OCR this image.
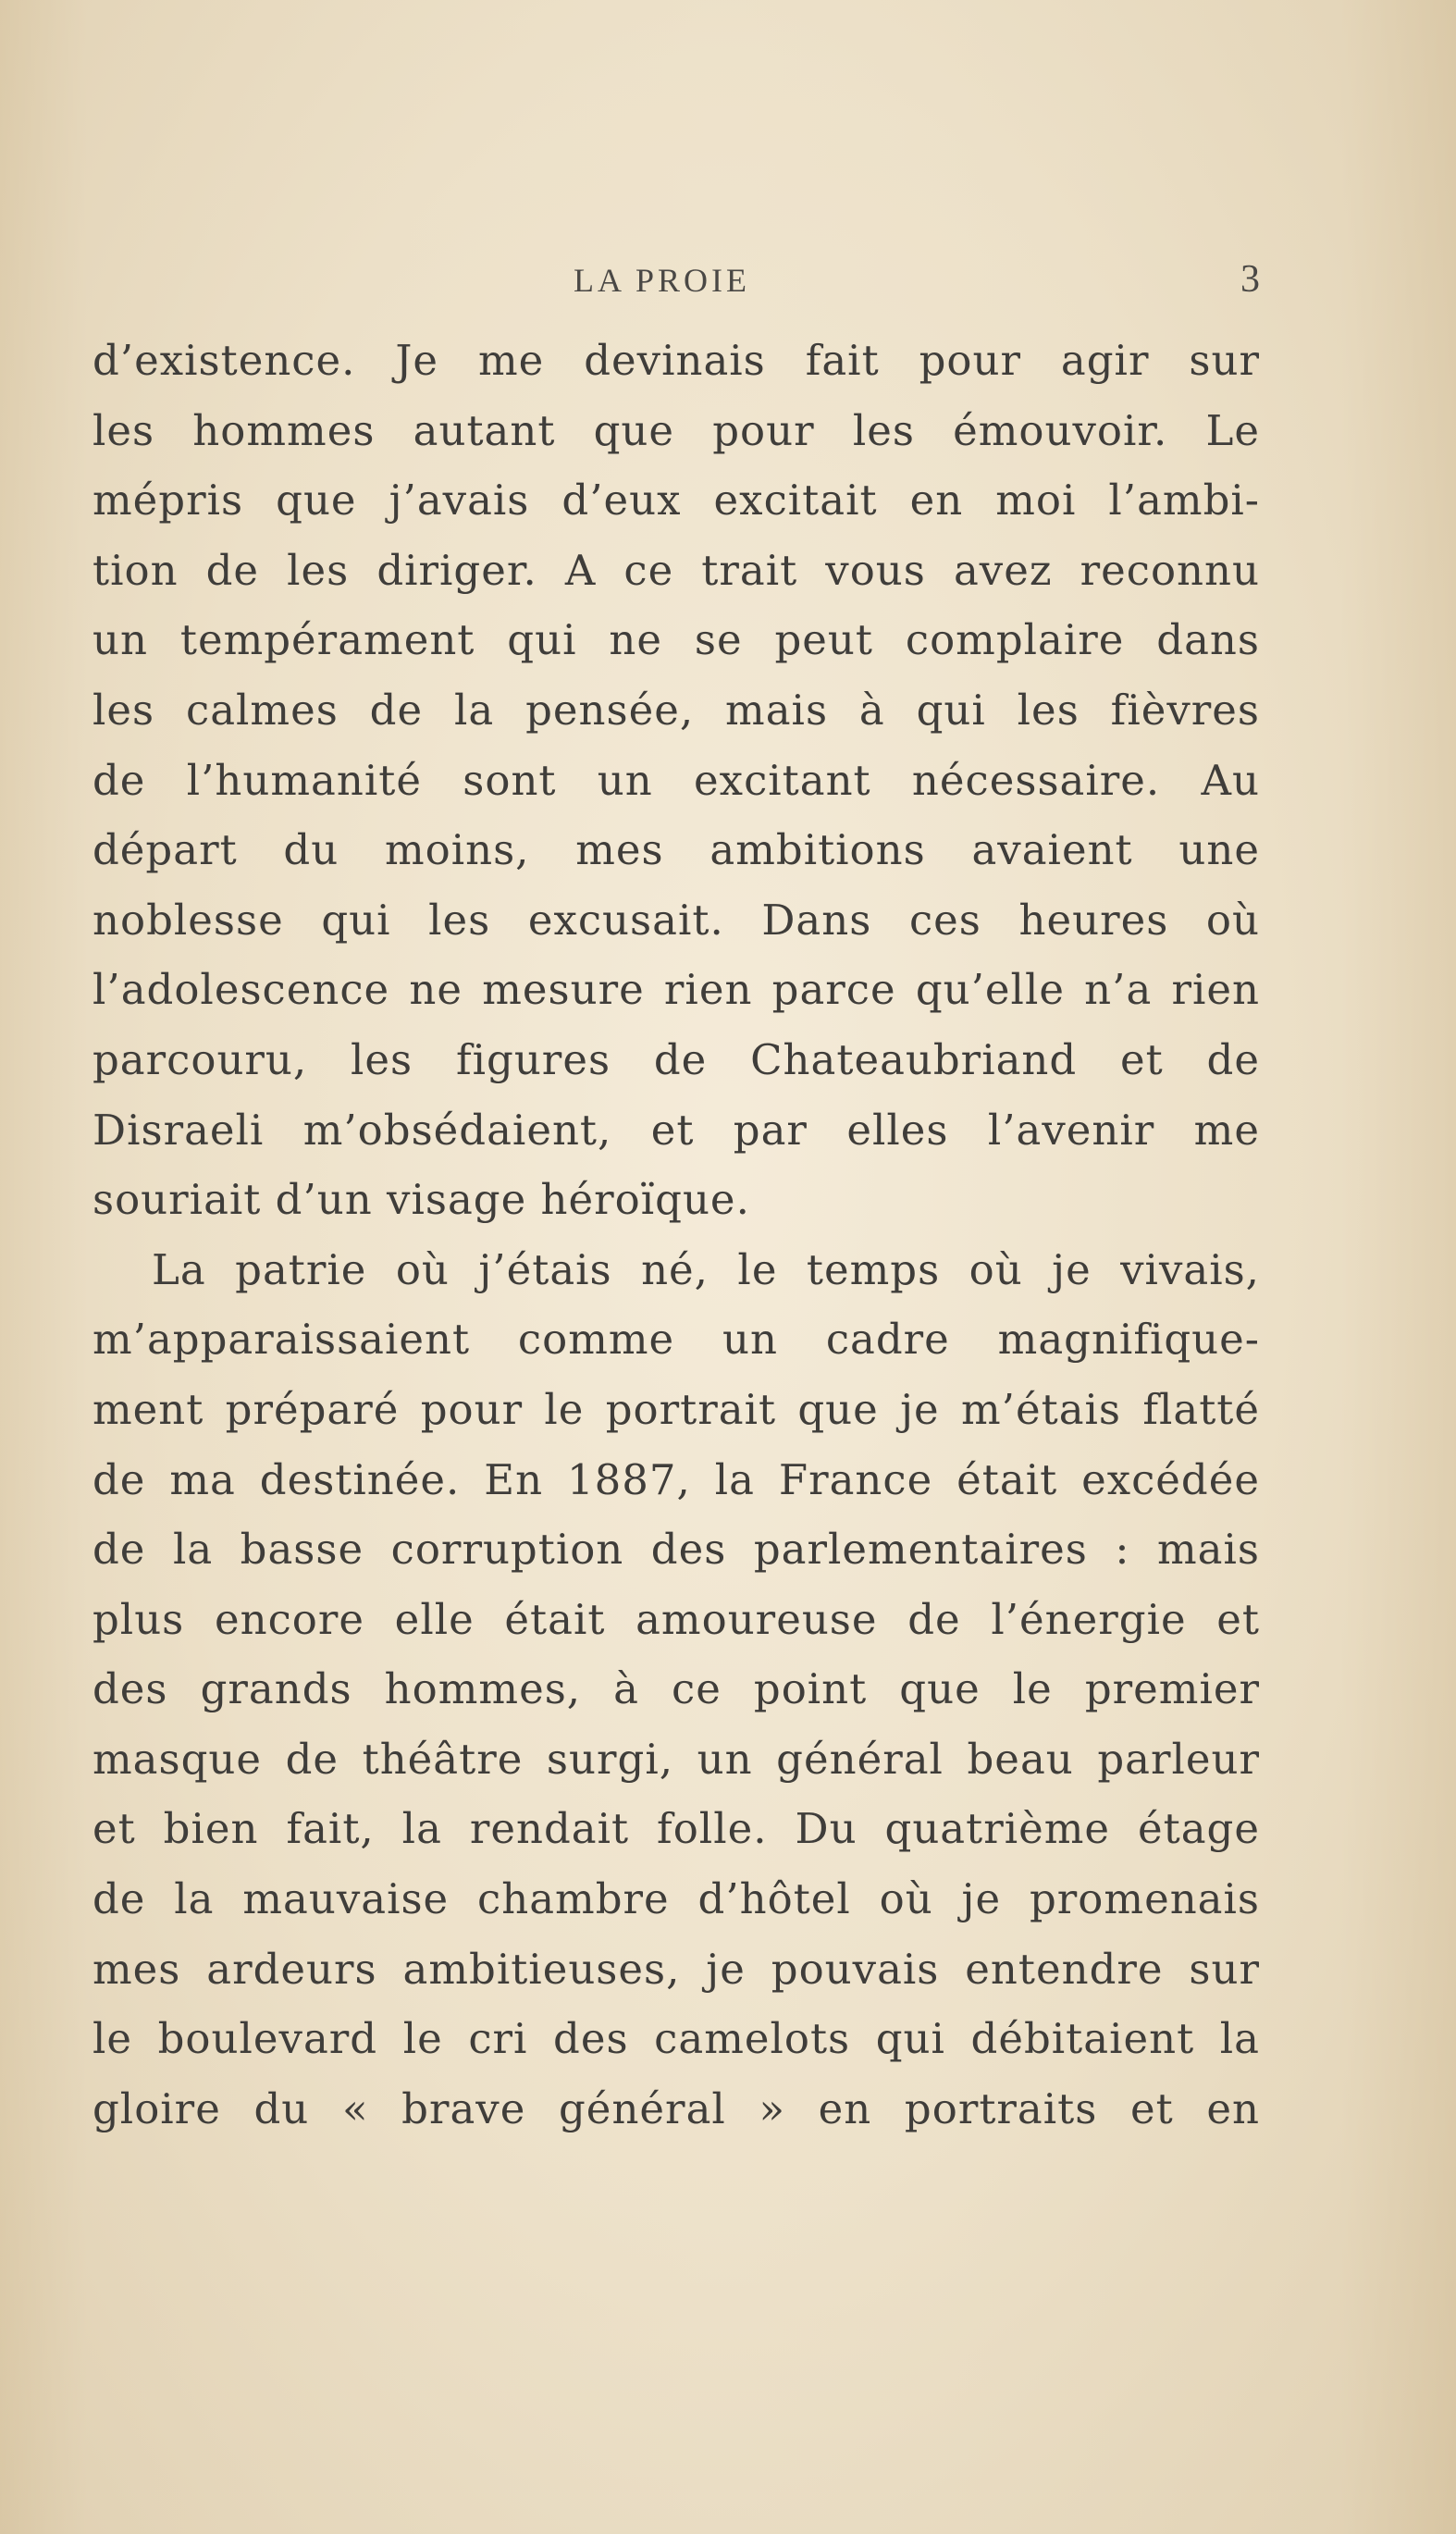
LA PROIE	3
d’existence. Je me devinais fait pour agir sur
les hommes autant que pour les émouvoir. Le
mépris que j’avais d’eux excitait en moi l’ambi-
tion de les diriger. A ce trait vous avez reconnu
un tempérament qui ne se peut complaire dans
les calmes de la pensée, mais à qui les fièvres
de l’humanité sont un excitant nécessaire. Au
départ du moins, mes ambitions avaient une
noblesse qui les excusait. Dans ces heures où
l’adolescence ne mesure rien parce qu’elle n’a rien
parcouru, les figures de Chateaubriand et de
Disraeli m’obsédaient, et par elles l’avenir me
souriait d’un visage héroïque.
La patrie où j’étais né, le temps où je vivais,
m’apparaissaient comme un cadre magnifique-
ment préparé pour le portrait que je m’étais flatté
de ma destinée. En 1887, la France était excédée
de la basse corruption des parlementaires : mais
plus encore elle était amoureuse de l’énergie et
des grands hommes, à ce point que le premier
masque de théâtre surgi, un général beau parleur
et bien fait, la rendait folle. Du quatrième étage
de la mauvaise chambre d’hôtel où je promenais
mes ardeurs ambitieuses, je pouvais entendre sur
le boulevard le cri des camelots qui débitaient la
gloire du « brave général » en portraits et en
